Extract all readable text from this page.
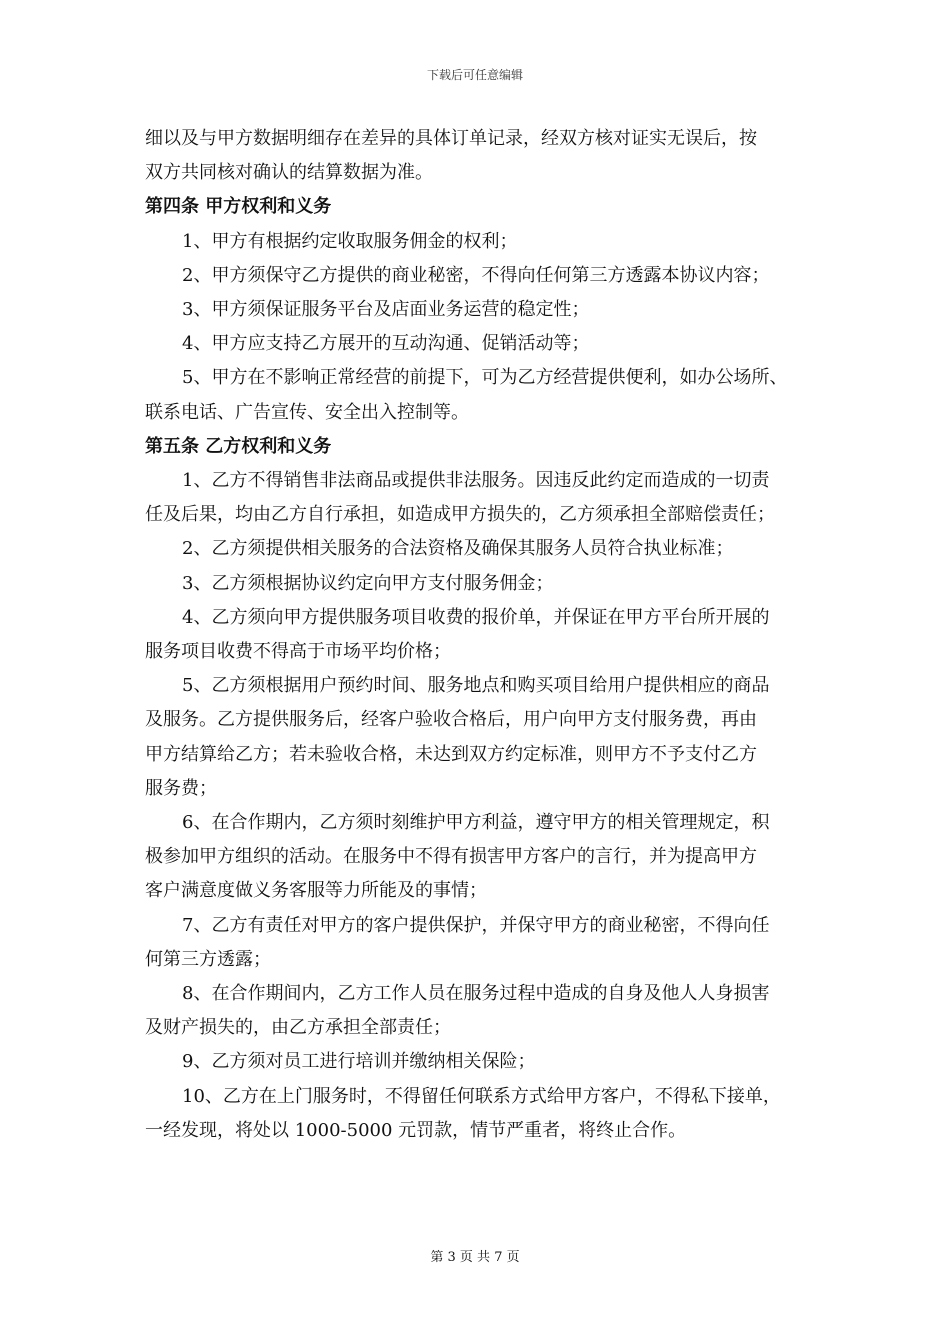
下载后可任意编辑

细以及与甲方数据明细存在差异的具体订单记录，经双方核对证实无误后，按

双方共同核对确认的结算数据为准。

第四条 甲方权利和义务

1、甲方有根据约定收取服务佣金的权利；

2、甲方须保守乙方提供的商业秘密，不得向任何第三方透露本协议内容；

3、甲方须保证服务平台及店面业务运营的稳定性；

4、甲方应支持乙方展开的互动沟通、促销活动等；

5、甲方在不影响正常经营的前提下，可为乙方经营提供便利，如办公场所、

联系电话、广告宣传、安全出入控制等。

第五条 乙方权利和义务

1、乙方不得销售非法商品或提供非法服务。因违反此约定而造成的一切责

任及后果，均由乙方自行承担，如造成甲方损失的，乙方须承担全部赔偿责任；

2、乙方须提供相关服务的合法资格及确保其服务人员符合执业标准；

3、乙方须根据协议约定向甲方支付服务佣金；

4、乙方须向甲方提供服务项目收费的报价单，并保证在甲方平台所开展的

服务项目收费不得高于市场平均价格；

5、乙方须根据用户预约时间、服务地点和购买项目给用户提供相应的商品

及服务。乙方提供服务后，经客户验收合格后，用户向甲方支付服务费，再由

甲方结算给乙方；若未验收合格，未达到双方约定标准，则甲方不予支付乙方

服务费；

6、在合作期内，乙方须时刻维护甲方利益，遵守甲方的相关管理规定，积

极参加甲方组织的活动。在服务中不得有损害甲方客户的言行，并为提高甲方

客户满意度做义务客服等力所能及的事情；

7、乙方有责任对甲方的客户提供保护，并保守甲方的商业秘密，不得向任

何第三方透露；

8、在合作期间内，乙方工作人员在服务过程中造成的自身及他人人身损害

及财产损失的，由乙方承担全部责任；

9、乙方须对员工进行培训并缴纳相关保险；

10、乙方在上门服务时，不得留任何联系方式给甲方客户，不得私下接单，

一经发现，将处以 1000-5000 元罚款，情节严重者，将终止合作。

第 3 页 共 7 页
